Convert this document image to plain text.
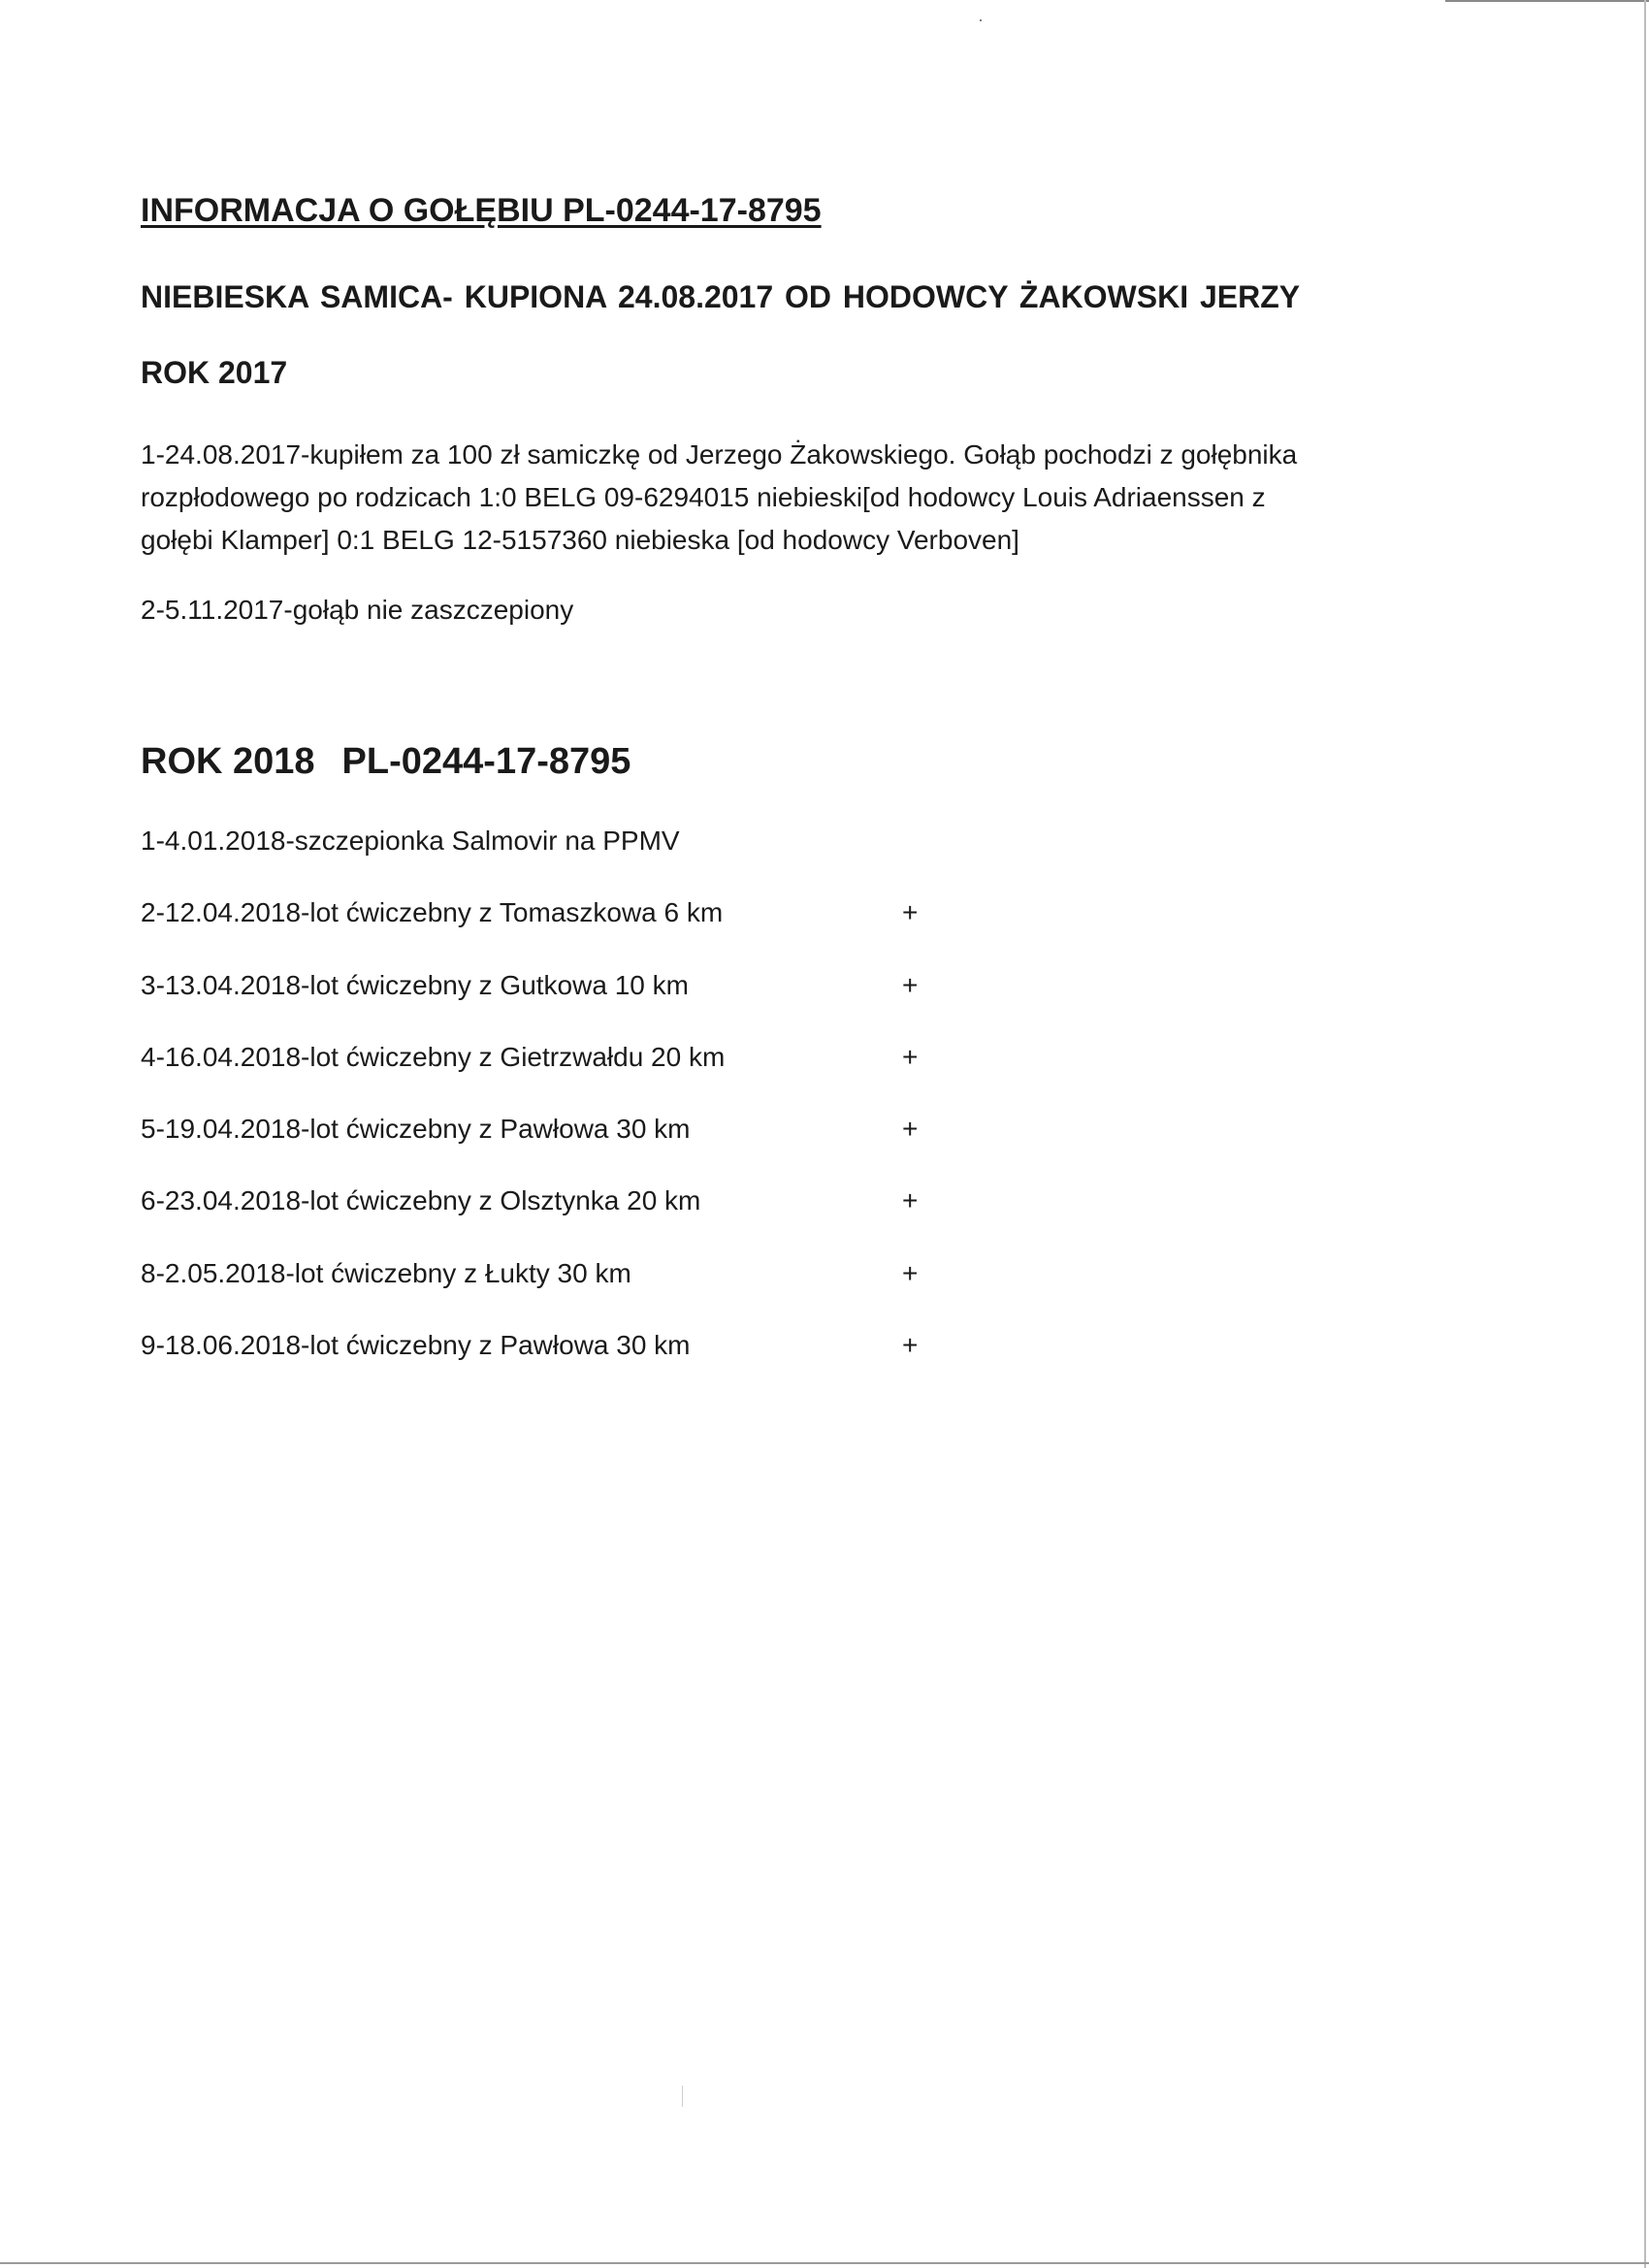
INFORMACJA O GOŁĘBIU PL-0244-17-8795
NIEBIESKA SAMICA- KUPIONA 24.08.2017 OD HODOWCY ŻAKOWSKI JERZY
ROK 2017
1-24.08.2017-kupiłem za 100 zł samiczkę od Jerzego Żakowskiego. Gołąb pochodzi z gołębnika rozpłodowego po rodzicach 1:0 BELG 09-6294015 niebieski[od hodowcy Louis Adriaenssen z gołębi Klamper] 0:1 BELG 12-5157360 niebieska [od hodowcy Verboven]
2-5.11.2017-gołąb nie zaszczepiony
ROK 2018 PL-0244-17-8795
1-4.01.2018-szczepionka Salmovir na PPMV
2-12.04.2018-lot ćwiczebny z Tomaszkowa 6 km	+
3-13.04.2018-lot ćwiczebny z Gutkowa 10 km	+
4-16.04.2018-lot ćwiczebny z Gietrzwałdu 20 km	+
5-19.04.2018-lot ćwiczebny z Pawłowa 30 km	+
6-23.04.2018-lot ćwiczebny z Olsztynka 20 km	+
8-2.05.2018-lot ćwiczebny z Łukty 30 km	+
9-18.06.2018-lot ćwiczebny z Pawłowa 30 km	+
